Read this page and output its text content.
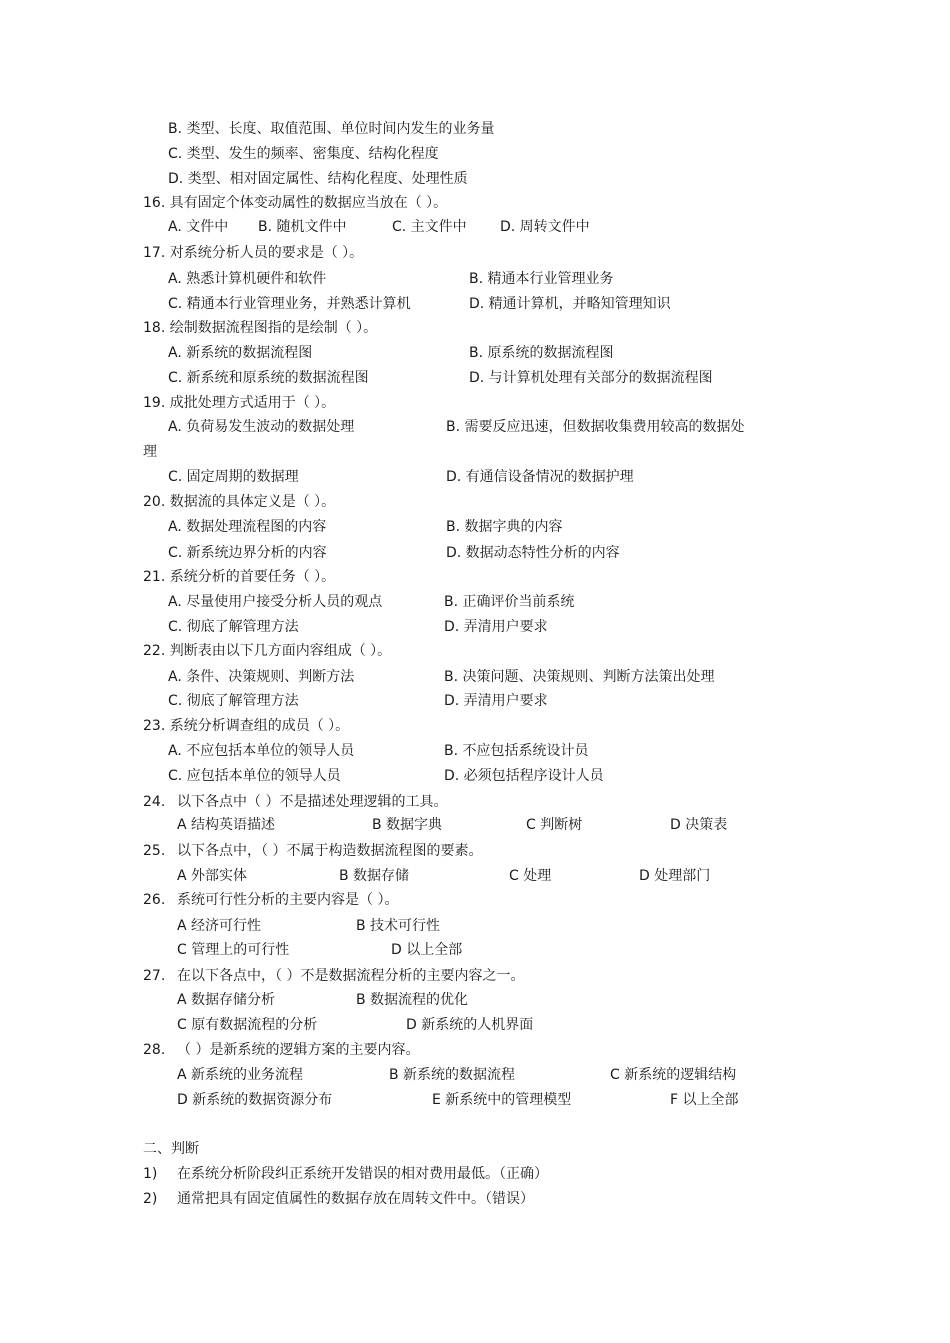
B. 类型、长度、取值范围、单位时间内发生的业务量
C. 类型、发生的频率、密集度、结构化程度
D. 类型、相对固定属性、结构化程度、处理性质
16. 具有固定个体变动属性的数据应当放在（ ）。
A. 文件中 B. 随机文件中	C. 主文件中 D. 周转文件中
17. 对系统分析人员的要求是（ ）。
A. 熟悉计算机硬件和软件	B. 精通本行业管理业务
C. 精通本行业管理业务，并熟悉计算机	D. 精通计算机，并略知管理知识
18. 绘制数据流程图指的是绘制（ ）。
A. 新系统的数据流程图	B. 原系统的数据流程图
C. 新系统和原系统的数据流程图	D. 与计算机处理有关部分的数据流程图
19. 成批处理方式适用于（ ）。
A. 负荷易发生波动的数据处理	B. 需要反应迅速，但数据收集费用较高的数据处
理
C. 固定周期的数据理	D. 有通信设备情况的数据护理
20. 数据流的具体定义是（ ）。
A. 数据处理流程图的内容	B. 数据字典的内容
C. 新系统边界分析的内容	D. 数据动态特性分析的内容
21. 系统分析的首要任务（ ）。
A. 尽量使用户接受分析人员的观点	B. 正确评价当前系统
C. 彻底了解管理方法	D. 弄清用户要求
22. 判断表由以下几方面内容组成（ ）。
A. 条件、决策规则、判断方法	B. 决策问题、决策规则、判断方法策出处理
C. 彻底了解管理方法	D. 弄清用户要求
23. 系统分析调查组的成员（ ）。
A. 不应包括本单位的领导人员	B. 不应包括系统设计员
C. 应包括本单位的领导人员	D. 必须包括程序设计人员
24. 以下各点中（ ）不是描述处理逻辑的工具。
A 结构英语描述	B 数据字典	C 判断树	D 决策表
25. 以下各点中，（ ）不属于构造数据流程图的要素。
A 外部实体	B 数据存储	C 处理	D 处理部门
26. 系统可行性分析的主要内容是（ ）。
A 经济可行性	B 技术可行性
C 管理上的可行性	D 以上全部
27. 在以下各点中，（ ）不是数据流程分析的主要内容之一。
A 数据存储分析	B 数据流程的优化
C 原有数据流程的分析	D 新系统的人机界面
28. （ ）是新系统的逻辑方案的主要内容。
A 新系统的业务流程	B 新系统的数据流程	C 新系统的逻辑结构
D 新系统的数据资源分布	E 新系统中的管理模型	F 以上全部
二、判断
1) 在系统分析阶段纠正系统开发错误的相对费用最低。（正确）
2) 通常把具有固定值属性的数据存放在周转文件中。（错误）
